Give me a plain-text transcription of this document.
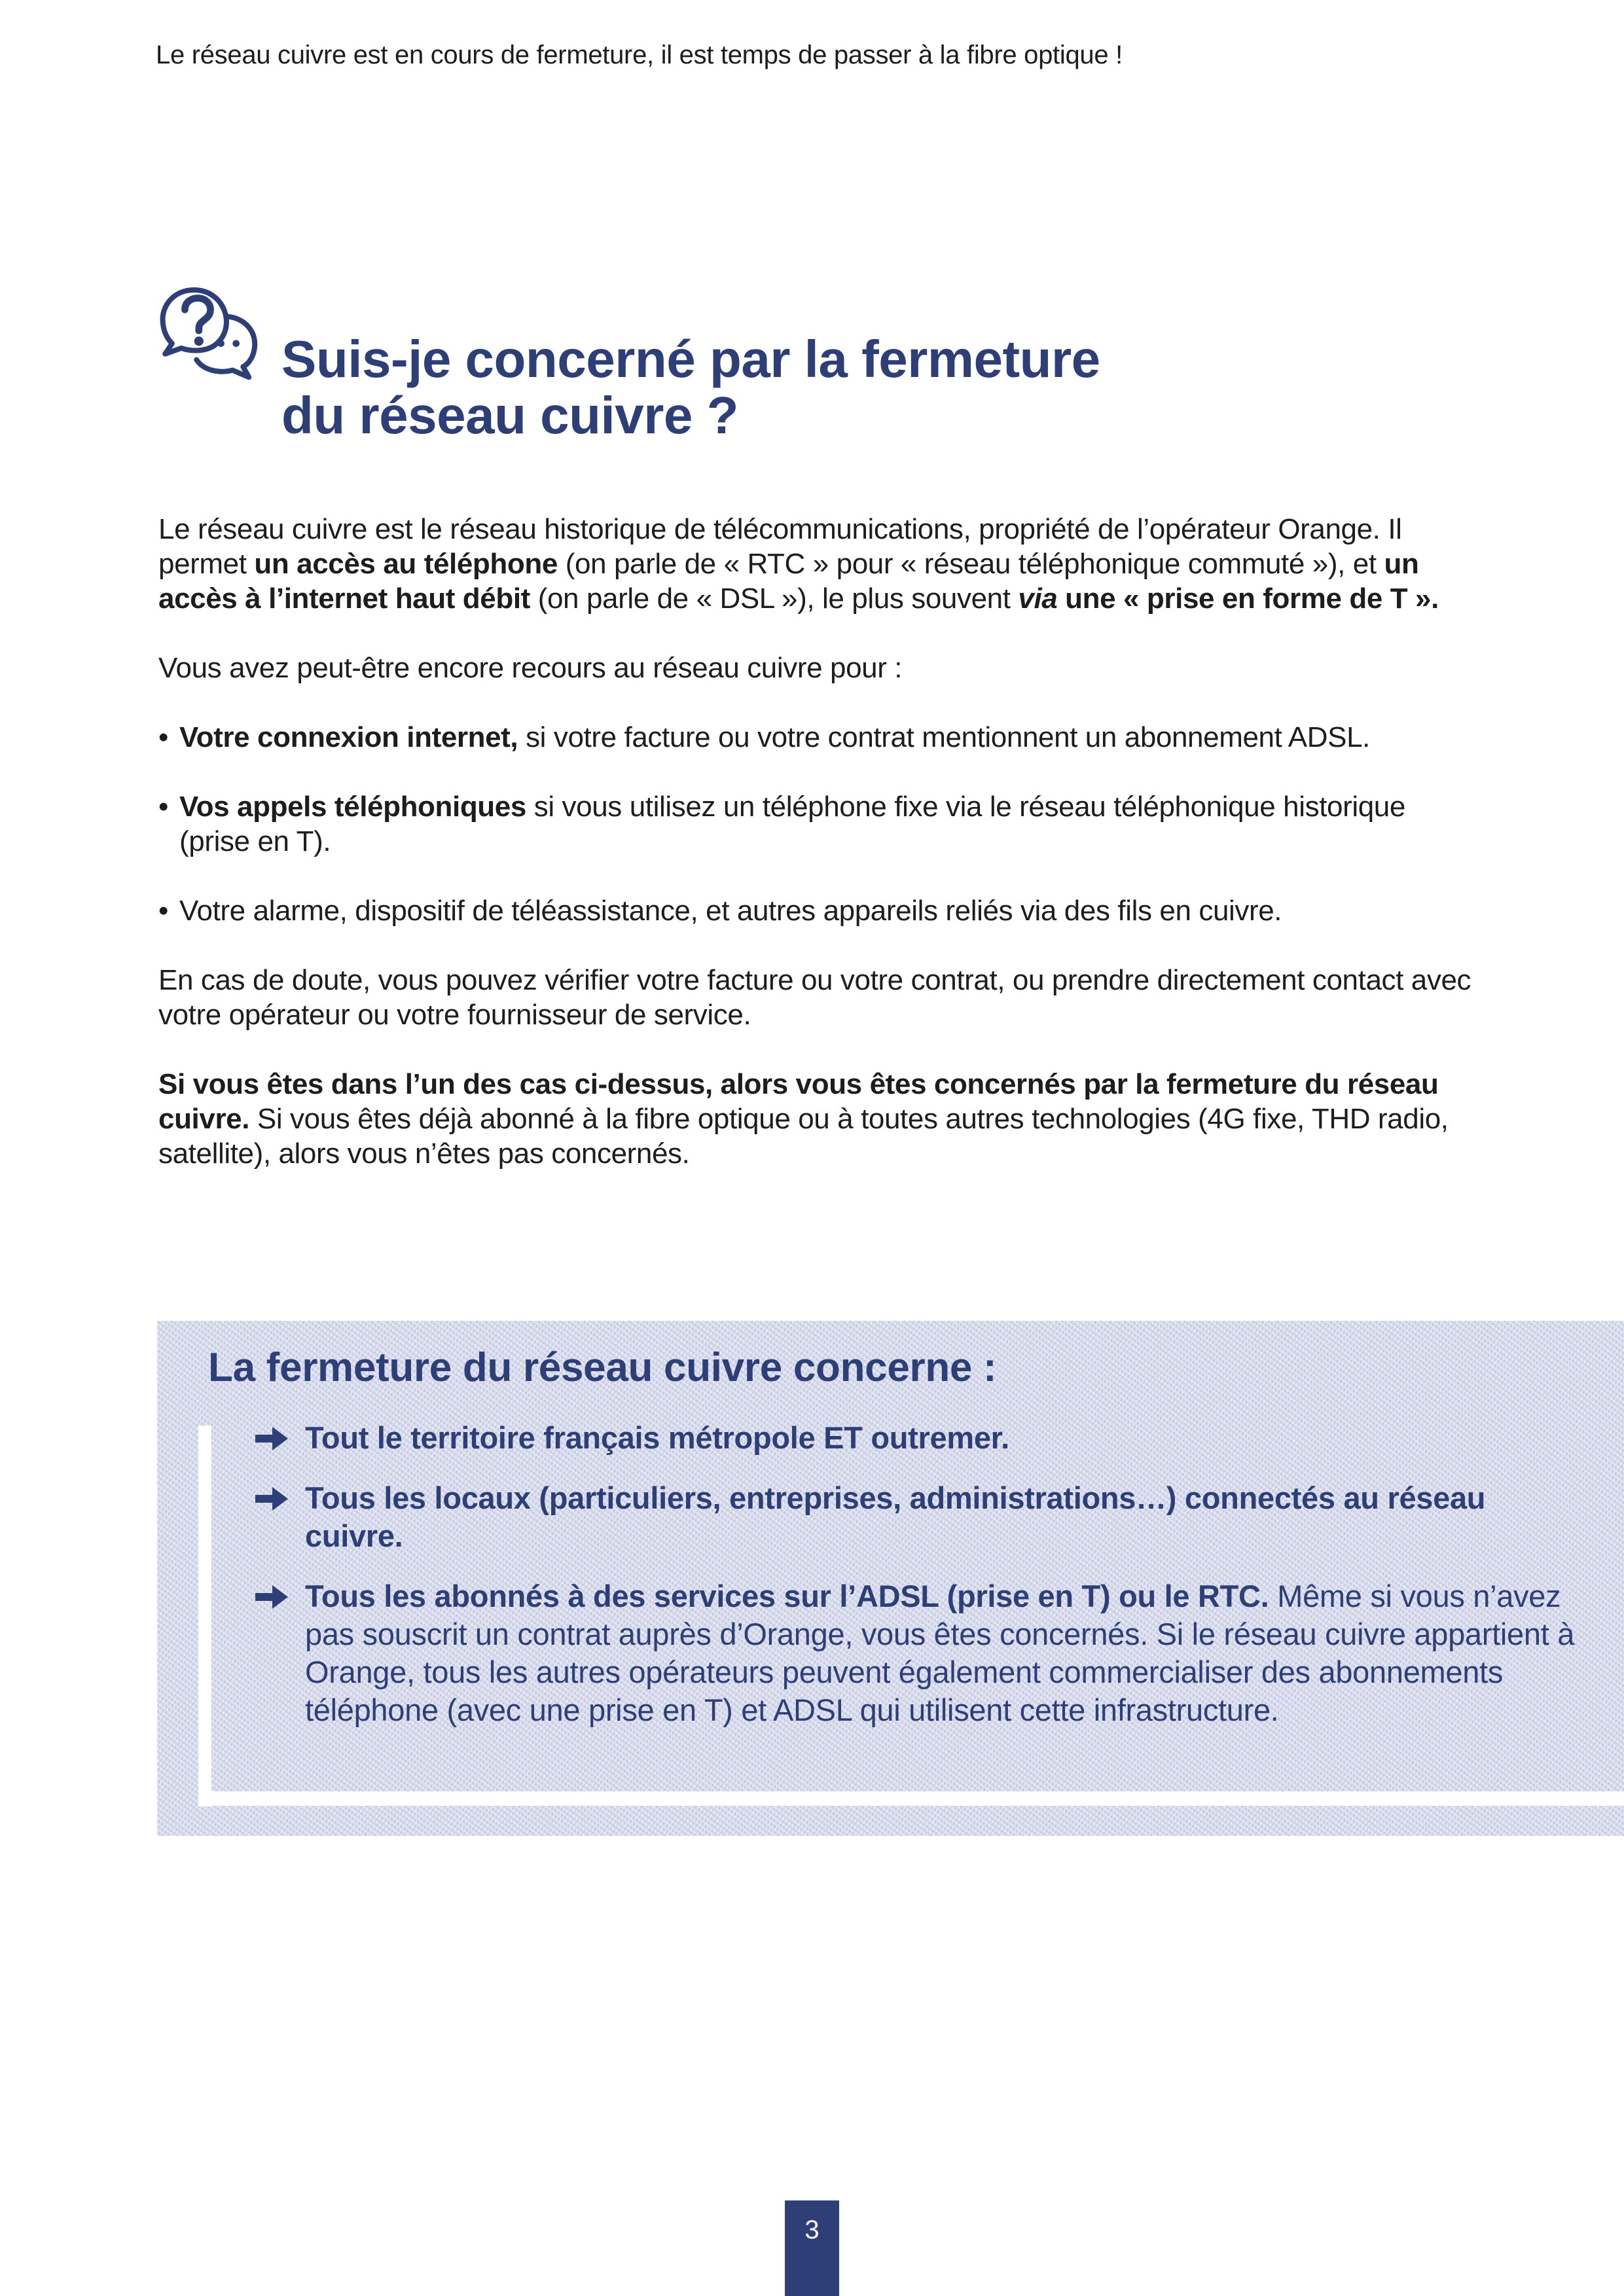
Le réseau cuivre est en cours de fermeture, il est temps de passer à la fibre optique !
Suis-je concerné par la fermeture
du réseau cuivre ?

Le réseau cuivre est le réseau historique de télécommunications, propriété de l’opérateur Orange. Il permet un accès au téléphone (on parle de « RTC » pour « réseau téléphonique commuté »), et un accès à l’internet haut débit (on parle de « DSL »), le plus souvent via une « prise en forme de T ».

Vous avez peut-être encore recours au réseau cuivre pour :

• Votre connexion internet, si votre facture ou votre contrat mentionnent un abonnement ADSL.
• Vos appels téléphoniques si vous utilisez un téléphone fixe via le réseau téléphonique historique (prise en T).
• Votre alarme, dispositif de téléassistance, et autres appareils reliés via des fils en cuivre.

En cas de doute, vous pouvez vérifier votre facture ou votre contrat, ou prendre directement contact avec votre opérateur ou votre fournisseur de service.

Si vous êtes dans l’un des cas ci-dessus, alors vous êtes concernés par la fermeture du réseau cuivre. Si vous êtes déjà abonné à la fibre optique ou à toutes autres technologies (4G fixe, THD radio, satellite), alors vous n’êtes pas concernés.

La fermeture du réseau cuivre concerne :
Tout le territoire français métropole ET outremer.
Tous les locaux (particuliers, entreprises, administrations…) connectés au réseau cuivre.
Tous les abonnés à des services sur l’ADSL (prise en T) ou le RTC. Même si vous n’avez pas souscrit un contrat auprès d’Orange, vous êtes concernés. Si le réseau cuivre appartient à Orange, tous les autres opérateurs peuvent également commercialiser des abonnements téléphone (avec une prise en T) et ADSL qui utilisent cette infrastructure.
3
